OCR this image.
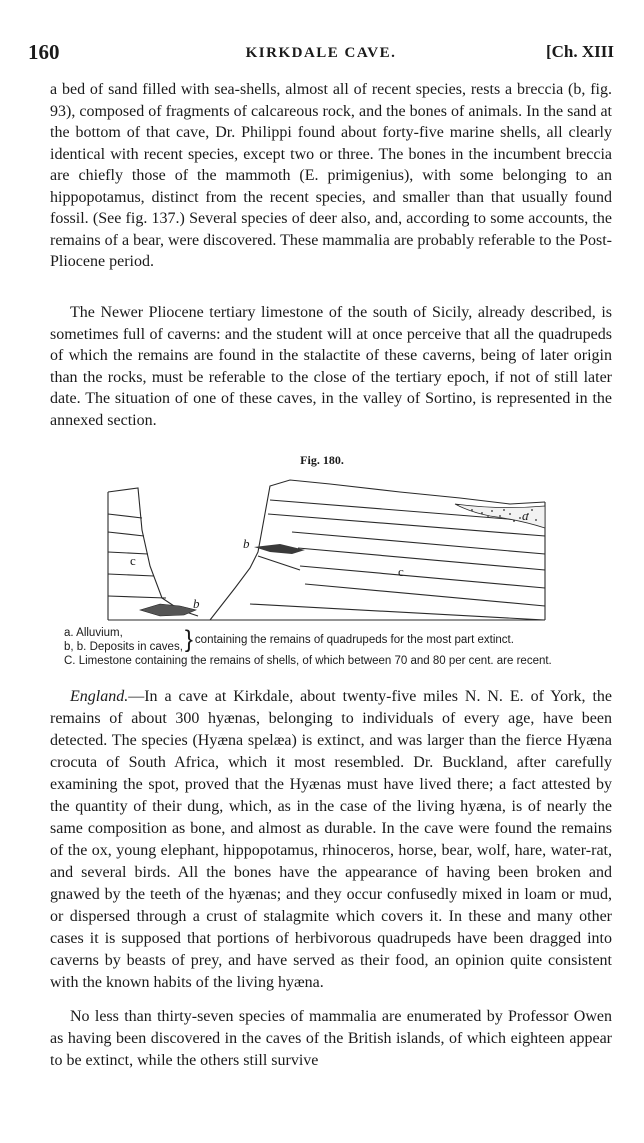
160	KIRKDALE CAVE.	[Ch. XIII

a bed of sand filled with sea-shells, almost all of recent species, rests a breccia (b, fig. 93), composed of fragments of calcareous rock, and the bones of animals. In the sand at the bottom of that cave, Dr. Philippi found about forty-five marine shells, all clearly identical with recent species, except two or three. The bones in the incumbent breccia are chiefly those of the mammoth (E. primigenius), with some belonging to an hippopotamus, distinct from the recent species, and smaller than that usually found fossil. (See fig. 137.) Several species of deer also, and, according to some accounts, the remains of a bear, were discovered. These mammalia are probably referable to the Post-Pliocene period.

The Newer Pliocene tertiary limestone of the south of Sicily, already described, is sometimes full of caverns: and the student will at once perceive that all the quadrupeds of which the remains are found in the stalactite of these caverns, being of later origin than the rocks, must be referable to the close of the tertiary epoch, if not of still later date. The situation of one of these caves, in the valley of Sortino, is represented in the annexed section.

Fig. 180.
c
c
b
b
a
a. Alluvium,
b, b. Deposits in caves, } containing the remains of quadrupeds for the most part extinct.
C. Limestone containing the remains of shells, of which between 70 and 80 per cent. are recent.

England.—In a cave at Kirkdale, about twenty-five miles N. N. E. of York, the remains of about 300 hyænas, belonging to individuals of every age, have been detected. The species (Hyæna spelæa) is extinct, and was larger than the fierce Hyæna crocuta of South Africa, which it most resembled. Dr. Buckland, after carefully examining the spot, proved that the Hyænas must have lived there; a fact attested by the quantity of their dung, which, as in the case of the living hyæna, is of nearly the same composition as bone, and almost as durable. In the cave were found the remains of the ox, young elephant, hippopotamus, rhinoceros, horse, bear, wolf, hare, water-rat, and several birds. All the bones have the appearance of having been broken and gnawed by the teeth of the hyænas; and they occur confusedly mixed in loam or mud, or dispersed through a crust of stalagmite which covers it. In these and many other cases it is supposed that portions of herbivorous quadrupeds have been dragged into caverns by beasts of prey, and have served as their food, an opinion quite consistent with the known habits of the living hyæna.

No less than thirty-seven species of mammalia are enumerated by Professor Owen as having been discovered in the caves of the British islands, of which eighteen appear to be extinct, while the others still survive
